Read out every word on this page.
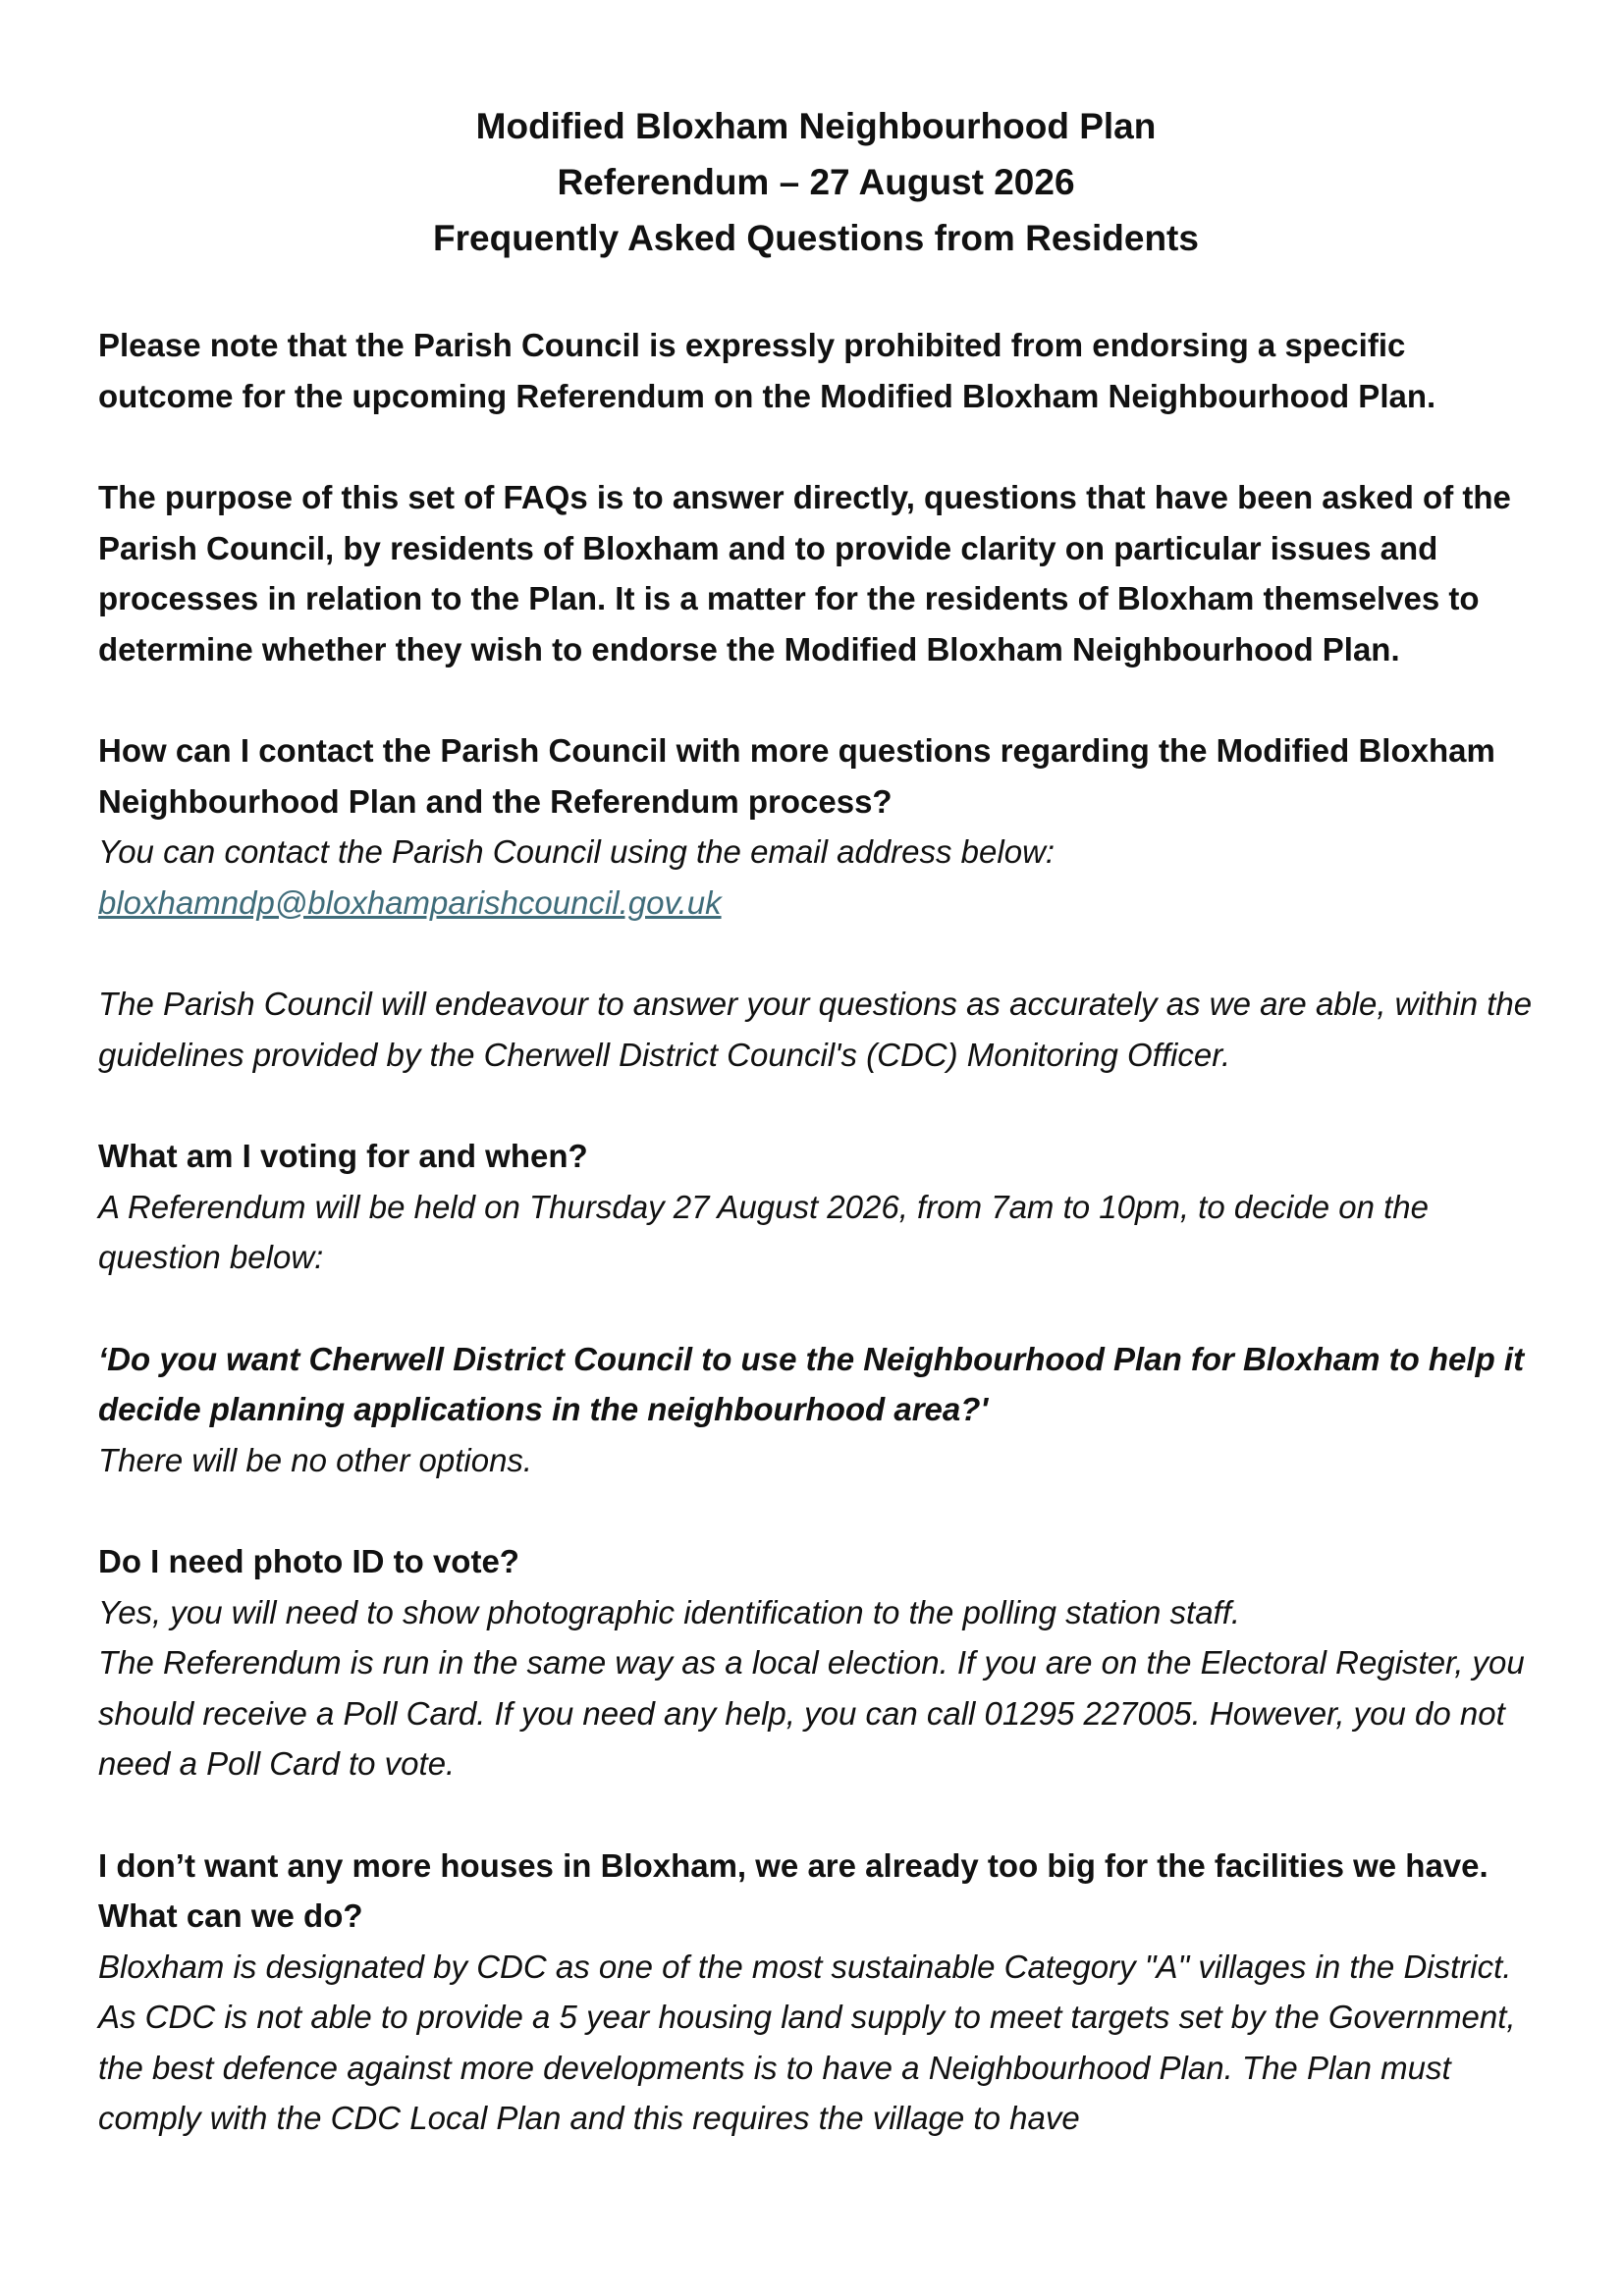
Modified Bloxham Neighbourhood Plan

Referendum – 27 August 2026

Frequently Asked Questions from Residents

Please note that the Parish Council is expressly prohibited from endorsing a specific outcome for the upcoming Referendum on the Modified Bloxham Neighbourhood Plan.

The purpose of this set of FAQs is to answer directly, questions that have been asked of the Parish Council, by residents of Bloxham and to provide clarity on particular issues and processes in relation to the Plan. It is a matter for the residents of Bloxham themselves to determine whether they wish to endorse the Modified Bloxham Neighbourhood Plan.

How can I contact the Parish Council with more questions regarding the Modified Bloxham Neighbourhood Plan and the Referendum process?

You can contact the Parish Council using the email address below:

bloxhamndp@bloxhamparishcouncil.gov.uk

The Parish Council will endeavour to answer your questions as accurately as we are able, within the guidelines provided by the Cherwell District Council's (CDC) Monitoring Officer.

What am I voting for and when?

A Referendum will be held on Thursday 27 August 2026, from 7am to 10pm, to decide on the question below:

‘Do you want Cherwell District Council to use the Neighbourhood Plan for Bloxham to help it decide planning applications in the neighbourhood area?'

There will be no other options.

Do I need photo ID to vote?

Yes, you will need to show photographic identification to the polling station staff.

The Referendum is run in the same way as a local election. If you are on the Electoral Register, you should receive a Poll Card. If you need any help, you can call 01295 227005. However, you do not need a Poll Card to vote.

I don’t want any more houses in Bloxham, we are already too big for the facilities we have. What can we do?

Bloxham is designated by CDC as one of the most sustainable Category "A" villages in the District. As CDC is not able to provide a 5 year housing land supply to meet targets set by the Government, the best defence against more developments is to have a Neighbourhood Plan. The Plan must comply with the CDC Local Plan and this requires the village to have
